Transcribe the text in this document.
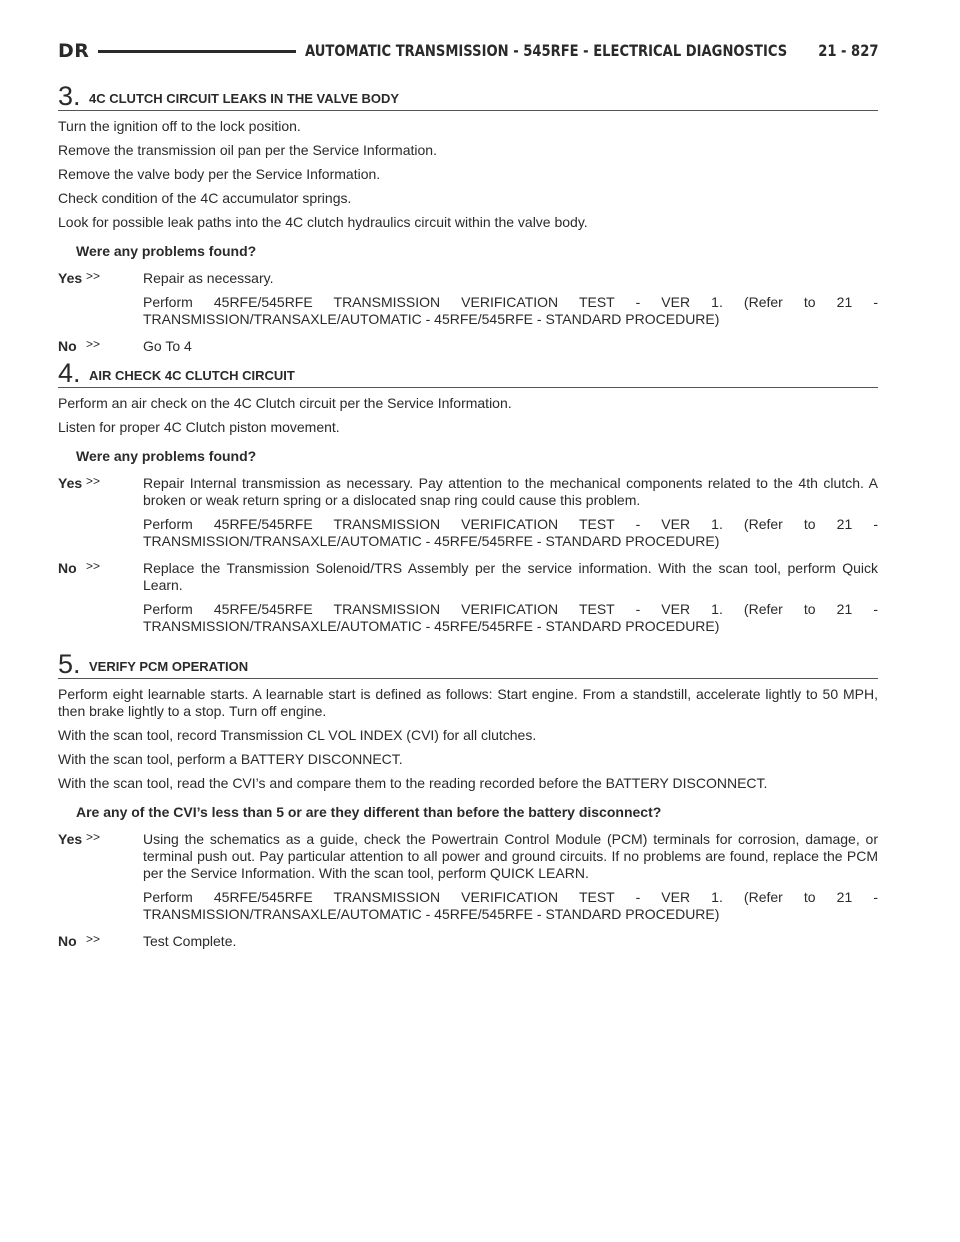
DR	AUTOMATIC TRANSMISSION - 545RFE - ELECTRICAL DIAGNOSTICS 21 - 827
3. 4C CLUTCH CIRCUIT LEAKS IN THE VALVE BODY

Turn the ignition off to the lock position.

Remove the transmission oil pan per the Service Information.

Remove the valve body per the Service Information.

Check condition of the 4C accumulator springs.

Look for possible leak paths into the 4C clutch hydraulics circuit within the valve body.

Were any problems found?

Yes >>	Repair as necessary.

Perform 45RFE/545RFE TRANSMISSION VERIFICATION TEST - VER 1. (Refer to 21 - TRANSMISSION/TRANSAXLE/AUTOMATIC - 45RFE/545RFE - STANDARD PROCEDURE)

No >>	Go To 4

4. AIR CHECK 4C CLUTCH CIRCUIT

Perform an air check on the 4C Clutch circuit per the Service Information.

Listen for proper 4C Clutch piston movement.

Were any problems found?

Yes >>	Repair Internal transmission as necessary. Pay attention to the mechanical components related to the 4th clutch. A broken or weak return spring or a dislocated snap ring could cause this problem.

Perform 45RFE/545RFE TRANSMISSION VERIFICATION TEST - VER 1. (Refer to 21 - TRANSMISSION/TRANSAXLE/AUTOMATIC - 45RFE/545RFE - STANDARD PROCEDURE)

No >>	Replace the Transmission Solenoid/TRS Assembly per the service information. With the scan tool, perform Quick Learn.

Perform 45RFE/545RFE TRANSMISSION VERIFICATION TEST - VER 1. (Refer to 21 - TRANSMISSION/TRANSAXLE/AUTOMATIC - 45RFE/545RFE - STANDARD PROCEDURE)

5. VERIFY PCM OPERATION

Perform eight learnable starts. A learnable start is defined as follows: Start engine. From a standstill, accelerate lightly to 50 MPH, then brake lightly to a stop. Turn off engine.

With the scan tool, record Transmission CL VOL INDEX (CVI) for all clutches.

With the scan tool, perform a BATTERY DISCONNECT.

With the scan tool, read the CVI’s and compare them to the reading recorded before the BATTERY DISCONNECT.

Are any of the CVI’s less than 5 or are they different than before the battery disconnect?

Yes >>	Using the schematics as a guide, check the Powertrain Control Module (PCM) terminals for corrosion, damage, or terminal push out. Pay particular attention to all power and ground circuits. If no problems are found, replace the PCM per the Service Information. With the scan tool, perform QUICK LEARN.

Perform 45RFE/545RFE TRANSMISSION VERIFICATION TEST - VER 1. (Refer to 21 - TRANSMISSION/TRANSAXLE/AUTOMATIC - 45RFE/545RFE - STANDARD PROCEDURE)

No >>	Test Complete.
